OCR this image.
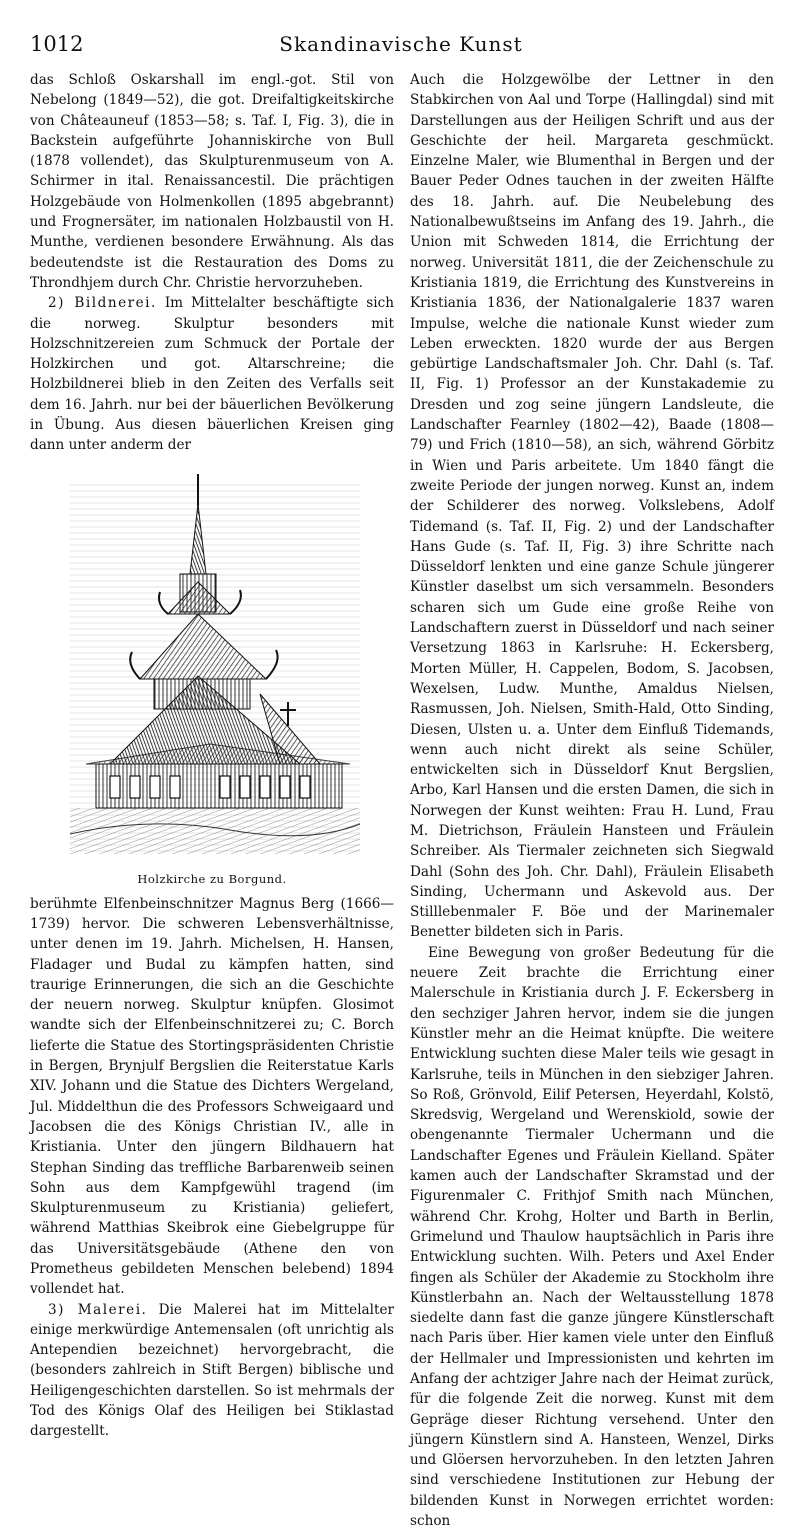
1012	Skandinavische Kunst

das Schloß Oskarshall im engl.-got. Stil von Nebelong (1849—52), die got. Dreifaltigkeitskirche von Châteauneuf (1853—58; s. Taf. I, Fig. 3), die in Backstein aufgeführte Johanniskirche von Bull (1878 vollendet), das Skulpturenmuseum von A. Schirmer in ital. Renaissancestil. Die prächtigen Holzgebäude von Holmenkollen (1895 abgebrannt) und Frognersäter, im nationalen Holzbaustil von H. Munthe, verdienen besondere Erwähnung. Als das bedeutendste ist die Restauration des Doms zu Throndhjem durch Chr. Christie hervorzuheben.

2) Bildnerei. Im Mittelalter beschäftigte sich die norweg. Skulptur besonders mit Holzschnitzereien zum Schmuck der Portale der Holzkirchen und got. Altarschreine; die Holzbildnerei blieb in den Zeiten des Verfalls seit dem 16. Jahrh. nur bei der bäuerlichen Bevölkerung in Übung. Aus diesen bäuerlichen Kreisen ging dann unter anderm der

Holzkirche zu Borgund.

berühmte Elfenbeinschnitzer Magnus Berg (1666—1739) hervor. Die schweren Lebensverhältnisse, unter denen im 19. Jahrh. Michelsen, H. Hansen, Fladager und Budal zu kämpfen hatten, sind traurige Erinnerungen, die sich an die Geschichte der neuern norweg. Skulptur knüpfen. Glosimot wandte sich der Elfenbeinschnitzerei zu; C. Borch lieferte die Statue des Stortingspräsidenten Christie in Bergen, Brynjulf Bergslien die Reiterstatue Karls XIV. Johann und die Statue des Dichters Wergeland, Jul. Middelthun die des Professors Schweigaard und Jacobsen die des Königs Christian IV., alle in Kristiania. Unter den jüngern Bildhauern hat Stephan Sinding das treffliche Barbarenweib seinen Sohn aus dem Kampfgewühl tragend (im Skulpturenmuseum zu Kristiania) geliefert, während Matthias Skeibrok eine Giebelgruppe für das Universitätsgebäude (Athene den von Prometheus gebildeten Menschen belebend) 1894 vollendet hat.

3) Malerei. Die Malerei hat im Mittelalter einige merkwürdige Antemensalen (oft unrichtig als Antependien bezeichnet) hervorgebracht, die (besonders zahlreich in Stift Bergen) biblische und Heiligengeschichten darstellen. So ist mehrmals der Tod des Königs Olaf des Heiligen bei Stiklastad dargestellt.

Auch die Holzgewölbe der Lettner in den Stabkirchen von Aal und Torpe (Hallingdal) sind mit Darstellungen aus der Heiligen Schrift und aus der Geschichte der heil. Margareta geschmückt. Einzelne Maler, wie Blumenthal in Bergen und der Bauer Peder Odnes tauchen in der zweiten Hälfte des 18. Jahrh. auf. Die Neubelebung des Nationalbewußtseins im Anfang des 19. Jahrh., die Union mit Schweden 1814, die Errichtung der norweg. Universität 1811, die der Zeichenschule zu Kristiania 1819, die Errichtung des Kunstvereins in Kristiania 1836, der Nationalgalerie 1837 waren Impulse, welche die nationale Kunst wieder zum Leben erweckten. 1820 wurde der aus Bergen gebürtige Landschaftsmaler Joh. Chr. Dahl (s. Taf. II, Fig. 1) Professor an der Kunstakademie zu Dresden und zog seine jüngern Landsleute, die Landschafter Fearnley (1802—42), Baade (1808—79) und Frich (1810—58), an sich, während Görbitz in Wien und Paris arbeitete. Um 1840 fängt die zweite Periode der jungen norweg. Kunst an, indem der Schilderer des norweg. Volkslebens, Adolf Tidemand (s. Taf. II, Fig. 2) und der Landschafter Hans Gude (s. Taf. II, Fig. 3) ihre Schritte nach Düsseldorf lenkten und eine ganze Schule jüngerer Künstler daselbst um sich versammeln. Besonders scharen sich um Gude eine große Reihe von Landschaftern zuerst in Düsseldorf und nach seiner Versetzung 1863 in Karlsruhe: H. Eckersberg, Morten Müller, H. Cappelen, Bodom, S. Jacobsen, Wexelsen, Ludw. Munthe, Amaldus Nielsen, Rasmussen, Joh. Nielsen, Smith-Hald, Otto Sinding, Diesen, Ulsten u. a. Unter dem Einfluß Tidemands, wenn auch nicht direkt als seine Schüler, entwickelten sich in Düsseldorf Knut Bergslien, Arbo, Karl Hansen und die ersten Damen, die sich in Norwegen der Kunst weihten: Frau H. Lund, Frau M. Dietrichson, Fräulein Hansteen und Fräulein Schreiber. Als Tiermaler zeichneten sich Siegwald Dahl (Sohn des Joh. Chr. Dahl), Fräulein Elisabeth Sinding, Uchermann und Askevold aus. Der Stilllebenmaler F. Böe und der Marinemaler Benetter bildeten sich in Paris.

Eine Bewegung von großer Bedeutung für die neuere Zeit brachte die Errichtung einer Malerschule in Kristiania durch J. F. Eckersberg in den sechziger Jahren hervor, indem sie die jungen Künstler mehr an die Heimat knüpfte. Die weitere Entwicklung suchten diese Maler teils wie gesagt in Karlsruhe, teils in München in den siebziger Jahren. So Roß, Grönvold, Eilif Petersen, Heyerdahl, Kolstö, Skredsvig, Wergeland und Werenskiold, sowie der obengenannte Tiermaler Uchermann und die Landschafter Egenes und Fräulein Kielland. Später kamen auch der Landschafter Skramstad und der Figurenmaler C. Frithjof Smith nach München, während Chr. Krohg, Holter und Barth in Berlin, Grimelund und Thaulow hauptsächlich in Paris ihre Entwicklung suchten. Wilh. Peters und Axel Ender fingen als Schüler der Akademie zu Stockholm ihre Künstlerbahn an. Nach der Weltausstellung 1878 siedelte dann fast die ganze jüngere Künstlerschaft nach Paris über. Hier kamen viele unter den Einfluß der Hellmaler und Impressionisten und kehrten im Anfang der achtziger Jahre nach der Heimat zurück, für die folgende Zeit die norweg. Kunst mit dem Gepräge dieser Richtung versehend. Unter den jüngern Künstlern sind A. Hansteen, Wenzel, Dirks und Glöersen hervorzuheben. In den letzten Jahren sind verschiedene Institutionen zur Hebung der bildenden Kunst in Norwegen errichtet worden: schon
